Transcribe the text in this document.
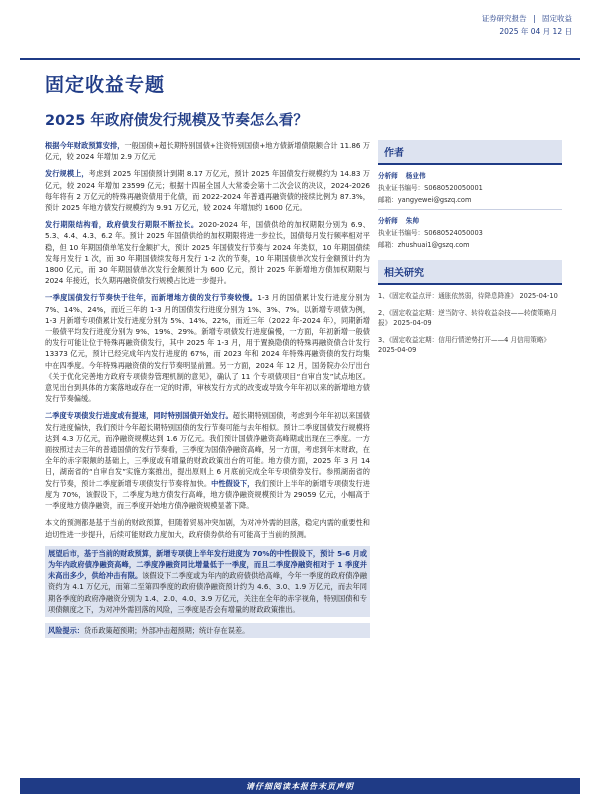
证券研究报告 | 固定收益
2025 年 04 月 12 日
固定收益专题
2025 年政府债发行规模及节奏怎么看？
根据今年财政预算安排，一般国债+超长期特别国债+注资特别国债+地方债新增债限额合计 11.86 万亿元，较 2024 年增加 2.9 万亿元
发行规模上，考虑到 2025 年国债预计到期 8.17 万亿元，预计 2025 年国债发行规模约为 14.83 万亿元，较 2024 年增加 23599 亿元；根据十四届全国人大常委会第十二次会议的决议，2024-2026 每年将有 2 万亿元的特殊再融资债用于化债，而 2022-2024 年普通再融资债的接续比例为 87.3%，预计 2025 年地方债发行规模约为 9.91 万亿元，较 2024 年增加约 1600 亿元。
发行期限结构看，政府债发行期限不断拉长。2020-2024 年，国债供给的加权期限分别为 6.9、5.3、4.4、4.3、6.2 年。预计 2025 年国债供给的加权期限将进一步拉长，国债每月发行频率相对平稳，但 10 年期国债单笔发行金额扩大，预计 2025 年国债发行节奏与 2024 年类似，10 年期国债续发每月发行 1 次，而 30 年期国债续发每月发行 1-2 次的节奏，10 年期国债单次发行金额预计约为 1800 亿元，而 30 年期国债单次发行金额预计为 600 亿元，预计 2025 年新增地方债加权期限与 2024 年接近，长久期再融资债发行规模占比进一步提升。
一季度国债发行节奏快于往年，而新增地方债的发行节奏较慢。1-3 月的国债累计发行进度分别为 7%、14%、24%，而近三年的 1-3 月的国债发行进度分别为 1%、3%、7%。以新增专项债为例，1-3 月新增专项债累计发行进度分别为 5%、14%、22%，而近三年（2022 年-2024 年），同期新增一般债平均发行进度分别为 9%、19%、29%。新增专项债发行进度偏慢，一方面，年初新增一般债的发行可能让位于特殊再融资债发行，其中 2025 年 1-3 月，用于置换隐债的特殊再融资债合计发行 13373 亿元，预计已经完成年内发行进度的 67%，而 2023 年和 2024 年特殊再融资债的发行均集中在四季度。今年特殊再融资债的发行节奏明显前置。另一方面，2024 年 12 月，国务院办公厅出台《关于优化完善地方政府专项债券管理机制的意见》，确认了 11 个专项债项目“自审自发”试点地区。意见出台到具体的方案落地或存在一定的时滞，审核发行方式的改变或导致今年年初以来的新增地方债发行节奏偏缓。
二季度专项债发行进度或有提速，同时特别国债开始发行。超长期特别国债，考虑到今年年初以来国债发行进度偏快，我们预计今年超长期特别国债的发行节奏可能与去年相似。预计二季度国债发行规模将达到 4.3 万亿元，而净融资规模达到 1.6 万亿元。我们预计国债净融资高峰期或出现在三季度。一方面按照过去三年的普通国债的发行节奏看，三季度为国债净融资高峰，另一方面，考虑到年末财政，在全年的赤字限额的基础上，三季度或有增量的财政政策出台的可能。地方债方面，2025 年 3 月 14 日，湖南省的“自审自发”实施方案推出，提出原则上 6 月底前完成全年专项债券发行。参照湖南省的发行节奏，预计二季度新增专项债发行节奏将加快。中性假设下，我们预计上半年的新增专项债发行进度为 70%，该假设下，二季度为地方债发行高峰，地方债净融资规模预计为 29059 亿元，小幅高于一季度地方债净融资，而三季度开始地方债净融资规模显著下降。
本文的预测都是基于当前的财政预算，但随着贸易冲突加剧，为对冲外需的回落，稳定内需的重要性和迫切性进一步提升，后续可能财政力度加大，政府债券供给有可能高于当前的预测。
展望后市，基于当前的财政预算，新增专项债上半年发行进度为 70%的中性假设下，预计 5-6 月或为年内政府债净融资高峰，二季度净融资同比增量低于一季度，而且二季度净融资相对于 1 季度并未高出多少，供给冲击有限。该假设下二季度或为年内的政府债供给高峰，今年一季度的政府债净融资约为 4.1 万亿元，而第二至第四季度的政府债净融资预计约为 4.6、3.0、1.9 万亿元，而去年同期各季度的政府净融资分别为 1.4、2.0、4.0、3.9 万亿元，关注在全年的赤字视角，特别国债和专项债额度之下，为对冲外需回落的风险，三季度是否会有增量的财政政策推出。
风险提示：货币政策超预期；外部冲击超预期；统计存在误差。
作者
分析师 杨业伟
执业证书编号：S0680520050001
邮箱：yangyewei@gszq.com
分析师 朱帅
执业证书编号：S0680524050003
邮箱：zhushuai1@gszq.com
相关研究
1、《固定收益点评：通胀依然弱，待降息降准》 2025-04-10
2、《固定收益定期：逆当防守、转待收益杂技——转债策略月报》 2025-04-09
3、《固定收益定期：信用行情逆势打开——4 月信用策略》 2025-04-09
请仔细阅读本报告末页声明
